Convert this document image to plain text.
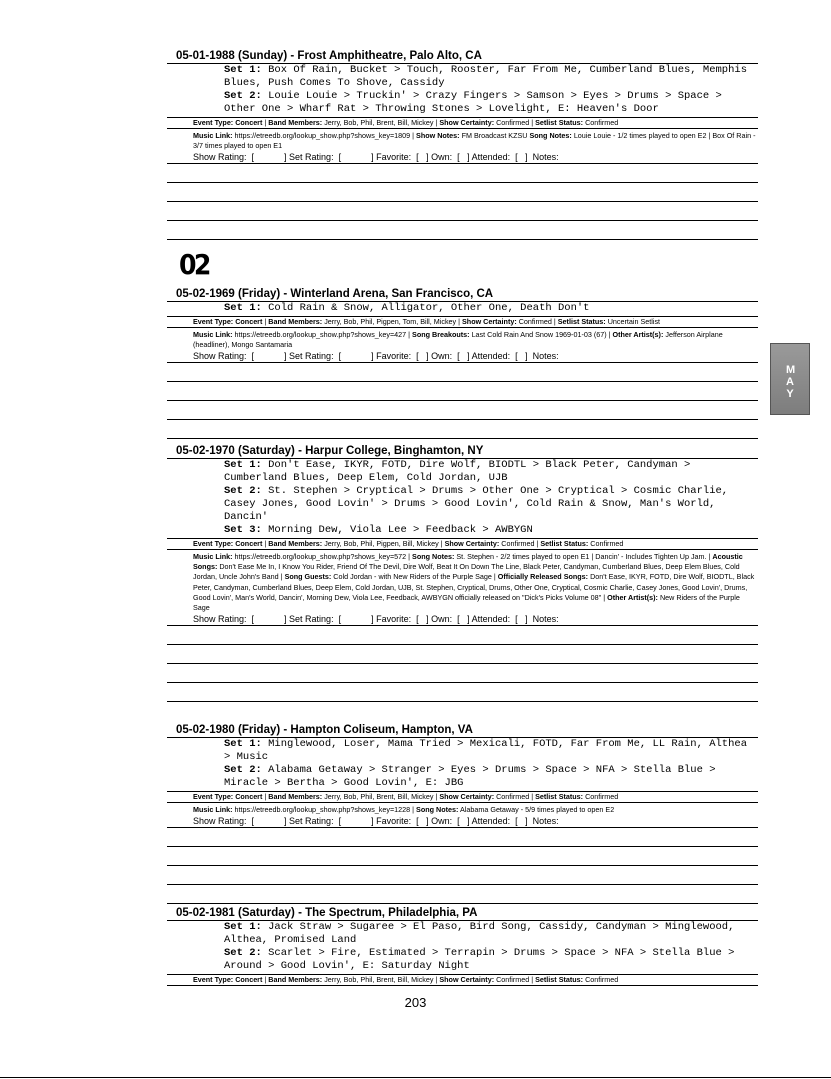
05-01-1988 (Sunday) - Frost Amphitheatre, Palo Alto, CA
Set 1: Box Of Rain, Bucket > Touch, Rooster, Far From Me, Cumberland Blues, Memphis Blues, Push Comes To Shove, Cassidy
Set 2: Louie Louie > Truckin' > Crazy Fingers > Samson > Eyes > Drums > Space > Other One > Wharf Rat > Throwing Stones > Lovelight, E: Heaven's Door
Event Type: Concert | Band Members: Jerry, Bob, Phil, Brent, Bill, Mickey | Show Certainty: Confirmed | Setlist Status: Confirmed
Music Link: https://etreedb.org/lookup_show.php?shows_key=1809 | Show Notes: FM Broadcast KZSU Song Notes: Louie Louie - 1/2 times played to open E2 | Box Of Rain - 3/7 times played to open E1
Show Rating:  [            ] Set Rating:  [            ] Favorite:  [   ] Own:  [   ] Attended:  [   ]  Notes:
02
05-02-1969 (Friday) - Winterland Arena, San Francisco, CA
Set 1: Cold Rain & Snow, Alligator, Other One, Death Don't
Event Type: Concert | Band Members: Jerry, Bob, Phil, Pigpen, Tom, Bill, Mickey | Show Certainty: Confirmed | Setlist Status: Uncertain Setlist
Music Link: https://etreedb.org/lookup_show.php?shows_key=427 | Song Breakouts: Last Cold Rain And Snow 1969-01-03 (67) | Other Artist(s): Jefferson Airplane (headliner), Mongo Santamaria
Show Rating:  [            ] Set Rating:  [            ] Favorite:  [   ] Own:  [   ] Attended:  [   ]  Notes:
MAY
05-02-1970 (Saturday) - Harpur College, Binghamton, NY
Set 1: Don't Ease, IKYR, FOTD, Dire Wolf, BIODTL > Black Peter, Candyman > Cumberland Blues, Deep Elem, Cold Jordan, UJB
Set 2: St. Stephen > Cryptical > Drums > Other One > Cryptical > Cosmic Charlie, Casey Jones, Good Lovin' > Drums > Good Lovin', Cold Rain & Snow, Man's World, Dancin'
Set 3: Morning Dew, Viola Lee > Feedback > AWBYGN
Event Type: Concert | Band Members: Jerry, Bob, Phil, Pigpen, Bill, Mickey | Show Certainty: Confirmed | Setlist Status: Confirmed
Music Link: https://etreedb.org/lookup_show.php?shows_key=572 | Song Notes: St. Stephen - 2/2 times played to open E1 | Dancin' - Includes Tighten Up Jam. | Acoustic Songs: Don't Ease Me In, I Know You Rider, Friend Of The Devil, Dire Wolf, Beat It On Down The Line, Black Peter, Candyman, Cumberland Blues, Deep Elem Blues, Cold Jordan, Uncle John's Band | Song Guests: Cold Jordan - with New Riders of the Purple Sage | Officially Released Songs: Don't Ease, IKYR, FOTD, Dire Wolf, BIODTL, Black Peter, Candyman, Cumberland Blues, Deep Elem, Cold Jordan, UJB, St. Stephen, Cryptical, Drums, Other One, Cryptical, Cosmic Charlie, Casey Jones, Good Lovin', Drums, Good Lovin', Man's World, Dancin', Morning Dew, Viola Lee, Feedback, AWBYGN officially released on "Dick's Picks Volume 08" | Other Artist(s): New Riders of the Purple Sage
Show Rating:  [            ] Set Rating:  [            ] Favorite:  [   ] Own:  [   ] Attended:  [   ]  Notes:
05-02-1980 (Friday) - Hampton Coliseum, Hampton, VA
Set 1: Minglewood, Loser, Mama Tried > Mexicali, FOTD, Far From Me, LL Rain, Althea > Music
Set 2: Alabama Getaway > Stranger > Eyes > Drums > Space > NFA > Stella Blue > Miracle > Bertha > Good Lovin', E: JBG
Event Type: Concert | Band Members: Jerry, Bob, Phil, Brent, Bill, Mickey | Show Certainty: Confirmed | Setlist Status: Confirmed
Music Link: https://etreedb.org/lookup_show.php?shows_key=1228 | Song Notes: Alabama Getaway - 5/9 times played to open E2
Show Rating:  [            ] Set Rating:  [            ] Favorite:  [   ] Own:  [   ] Attended:  [   ]  Notes:
05-02-1981 (Saturday) - The Spectrum, Philadelphia, PA
Set 1: Jack Straw > Sugaree > El Paso, Bird Song, Cassidy, Candyman > Minglewood, Althea, Promised Land
Set 2: Scarlet > Fire, Estimated > Terrapin > Drums > Space > NFA > Stella Blue > Around > Good Lovin', E: Saturday Night
Event Type: Concert | Band Members: Jerry, Bob, Phil, Brent, Bill, Mickey | Show Certainty: Confirmed | Setlist Status: Confirmed
203
